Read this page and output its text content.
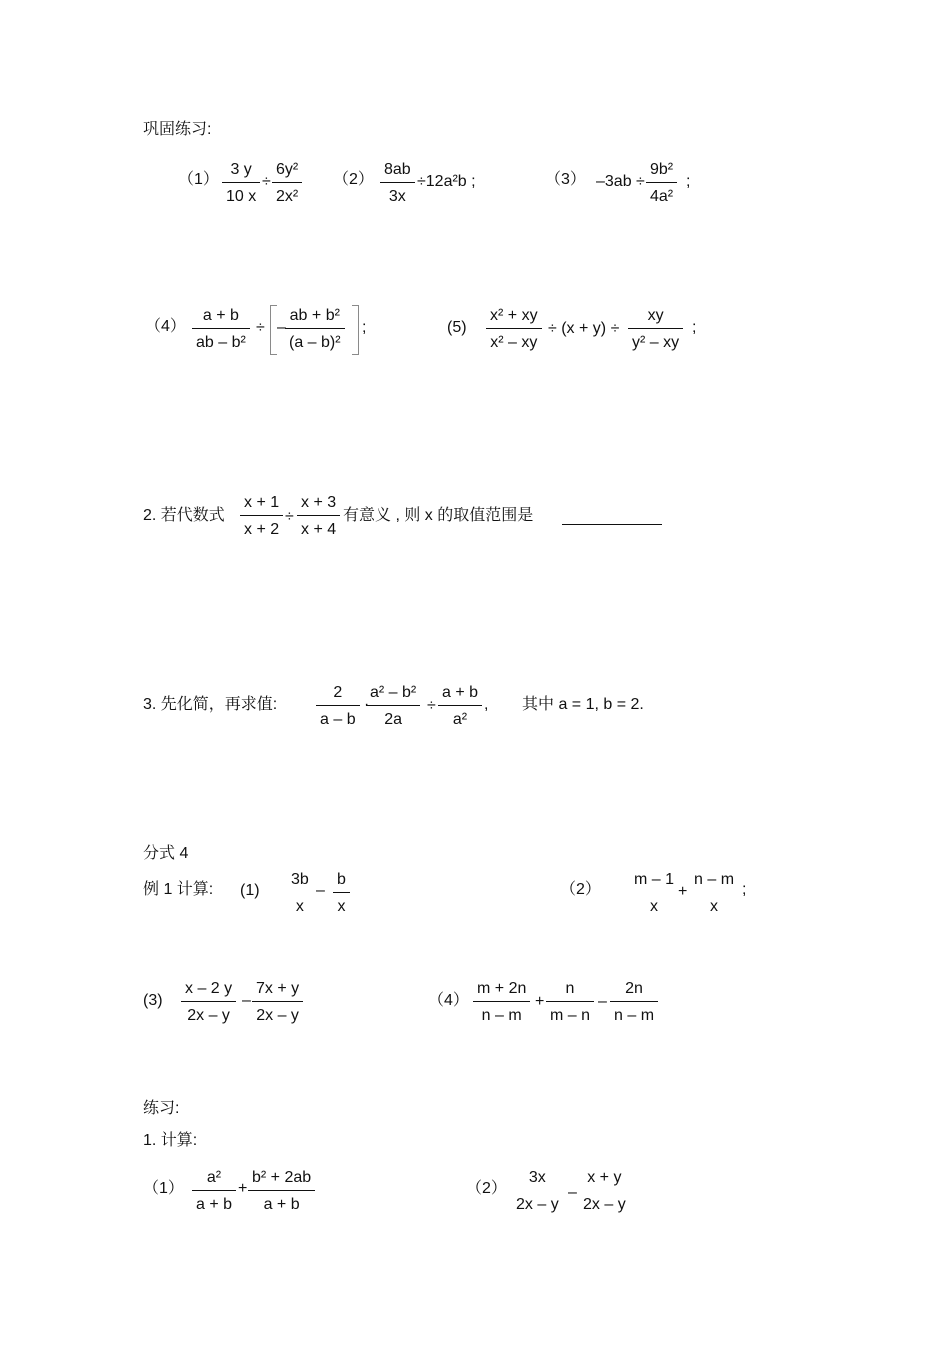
巩固练习:
$(1) \frac{3 y}{10 x} \div \frac{\text{6y²}}{\text{2x²}} (2) \frac{8ab}{3x} \div 12a^2b$ ;	（3） $-3ab \div \frac{\text{9b²}}{\text{4a²}}$ ;
$(4) \frac{a + b}{\text{ab – b²}}$ ÷ – $\frac{\text{ab + b²}}{\text{(a – b)²}}$ ;	$(5) \frac{\text{x² + xy}}{\text{x² – xy}} \div (x + y) \div \frac{xy}{\text{y² – xy}}$ ;
2. 若代数式 $\frac{x + 1}{x + 2} \div \frac{x + 3}{x + 4}$ 有意义 , 则 x 的取值范围是
3. 先化简，再求值: $\frac{2}{a - b}$ ·
$\frac{\text{a² – b²}}{2a} \div \frac{a + b}{\text{a²}}$ , 其中 a = 1, b = 2.
分式 4
例 1 计算: (1)
3b
x
– $\frac{b}{x}$	（2）
m – 1
x
+
n – m
x
;
$(3) \frac{x - 2 y}{2x - y} - \frac{7x + y}{2x - y}$	$(4) \frac{m + 2n}{n - m} + \frac{n}{m - n} - \frac{2n}{n - m}$
练习:
1. 计算:
$(1) \frac{\text{a²}}{a + b} + \frac{\text{b² + 2ab}}{a + b}$	（2）
3x
2x – y
–
x + y
2x – y
